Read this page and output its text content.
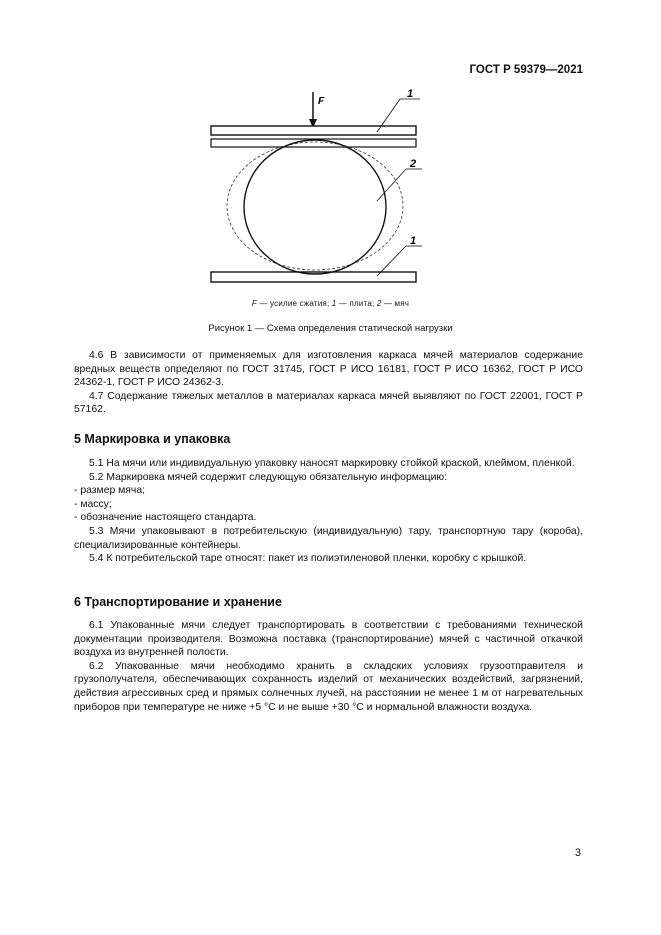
ГОСТ Р 59379—2021
F
1
2
1
F — усилие сжатия; 1 — плита; 2 — мяч
Рисунок 1 — Схема определения статической нагрузки

4.6 В зависимости от применяемых для изготовления каркаса мячей материалов содержание вредных веществ определяют по ГОСТ 31745, ГОСТ Р ИСО 16181, ГОСТ Р ИСО 16362, ГОСТ Р ИСО 24362-1, ГОСТ Р ИСО 24362-3.

4.7 Содержание тяжелых металлов в материалах каркаса мячей выявляют по ГОСТ 22001, ГОСТ Р 57162.

5 Маркировка и упаковка

5.1 На мячи или индивидуальную упаковку наносят маркировку стойкой краской, клеймом, пленкой.

5.2 Маркировка мячей содержит следующую обязательную информацию:

- размер мяча;

- массу;

- обозначение настоящего стандарта.

5.3 Мячи упаковывают в потребительскую (индивидуальную) тару, транспортную тару (короба), специализированные контейнеры.

5.4 К потребительской таре относят: пакет из полиэтиленовой пленки, коробку с крышкой.

6 Транспортирование и хранение

6.1 Упакованные мячи следует транспортировать в соответствии с требованиями технической документации производителя. Возможна поставка (транспортирование) мячей с частичной откачкой воздуха из внутренней полости.

6.2 Упакованные мячи необходимо хранить в складских условиях грузоотправителя и грузополучателя, обеспечивающих сохранность изделий от механических воздействий, загрязнений, действия агрессивных сред и прямых солнечных лучей, на расстоянии не менее 1 м от нагревательных приборов при температуре не ниже +5 °С и не выше +30 °С и нормальной влажности воздуха.

3
